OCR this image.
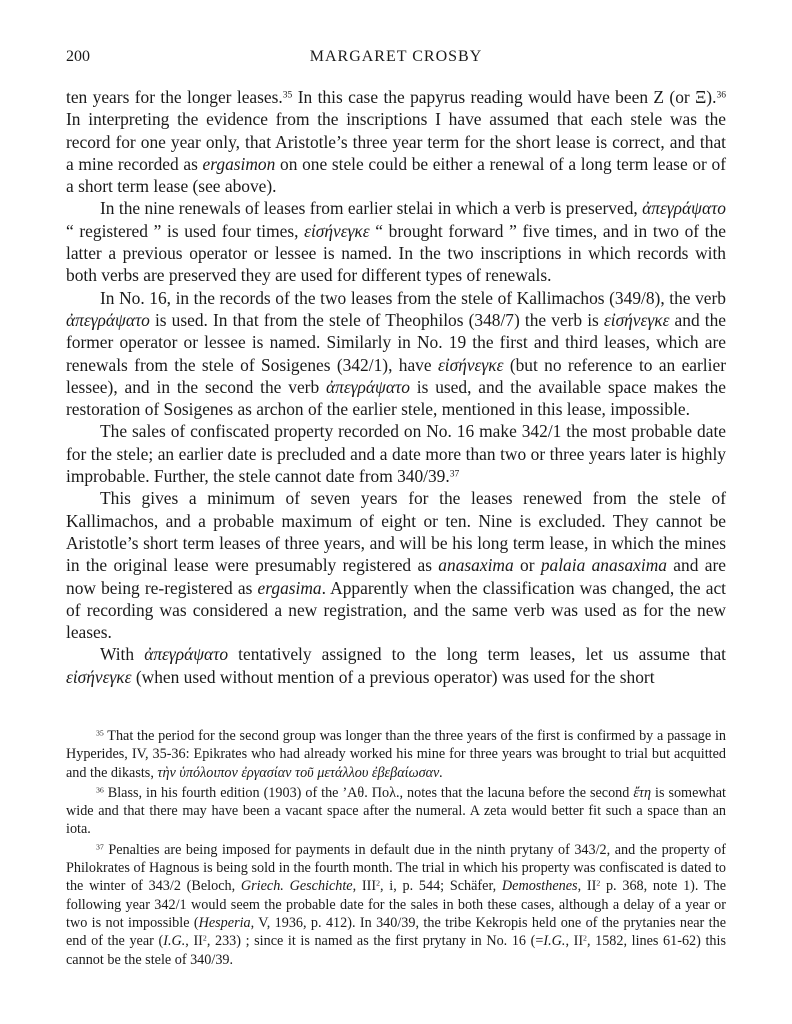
200	MARGARET CROSBY

ten years for the longer leases.$^{35}$ In this case the papyrus reading would have been Z (or Ξ).$^{36}$ In interpreting the evidence from the inscriptions I have assumed that each stele was the record for one year only, that Aristotle’s three year term for the short lease is correct, and that a mine recorded as ergasimon on one stele could be either a renewal of a long term lease or of a short term lease (see above).

In the nine renewals of leases from earlier stelai in which a verb is preserved, ἀπεγράψατο “ registered ” is used four times, εἰσήνεγκε “ brought forward ” five times, and in two of the latter a previous operator or lessee is named. In the two inscriptions in which records with both verbs are preserved they are used for different types of renewals.

In No. 16, in the records of the two leases from the stele of Kallimachos (349/8), the verb ἀπεγράψατο is used. In that from the stele of Theophilos (348/7) the verb is εἰσήνεγκε and the former operator or lessee is named. Similarly in No. 19 the first and third leases, which are renewals from the stele of Sosigenes (342/1), have εἰσήνεγκε (but no reference to an earlier lessee), and in the second the verb ἀπεγράψατο is used, and the available space makes the restoration of Sosigenes as archon of the earlier stele, mentioned in this lease, impossible.

The sales of confiscated property recorded on No. 16 make 342/1 the most probable date for the stele; an earlier date is precluded and a date more than two or three years later is highly improbable. Further, the stele cannot date from 340/39.37

This gives a minimum of seven years for the leases renewed from the stele of Kallimachos, and a probable maximum of eight or ten. Nine is excluded. They cannot be Aristotle’s short term leases of three years, and will be his long term lease, in which the mines in the original lease were presumably registered as anasaxima or palaia anasaxima and are now being re-registered as ergasima. Apparently when the classification was changed, the act of recording was considered a new registration, and the same verb was used as for the new leases.

With ἀπεγράψατο tentatively assigned to the long term leases, let us assume that εἰσήνεγκε (when used without mention of a previous operator) was used for the short

$^{35}$ That the period for the second group was longer than the three years of the first is confirmed by a passage in Hyperides, IV, 35-36: Epikrates who had already worked his mine for three years was brought to trial but acquitted and the dikasts, τὴν ὑπόλοιπον ἐργασίαν τοῦ μετάλλου ἐβεβαίωσαν.

$^{36}$ Blass, in his fourth edition (1903) of the ’Αθ. Πολ., notes that the lacuna before the second ἔτη is somewhat wide and that there may have been a vacant space after the numeral. A zeta would better fit such a space than an iota.

$^{37}$ Penalties are being imposed for payments in default due in the ninth prytany of 343/2, and the property of Philokrates of Hagnous is being sold in the fourth month. The trial in which his property was confiscated is dated to the winter of 343/2 (Beloch, Griech. Geschichte, III$^2$, i, p. 544; Schäfer, Demosthenes, $II^2$ p. 368, note 1). The following year 342/1 would seem the probable date for the sales in both these cases, although a delay of a year or two is not impossible (Hesperia, V, 1936, p. 412). In 340/39, the tribe Kekropis held one of the prytanies near the end of the year (I.G., $II^2$, 233) ; since it is named as the first prytany in No. 16 (=I.G., $II^2$, 1582, lines 61-62) this cannot be the stele of 340/39.
